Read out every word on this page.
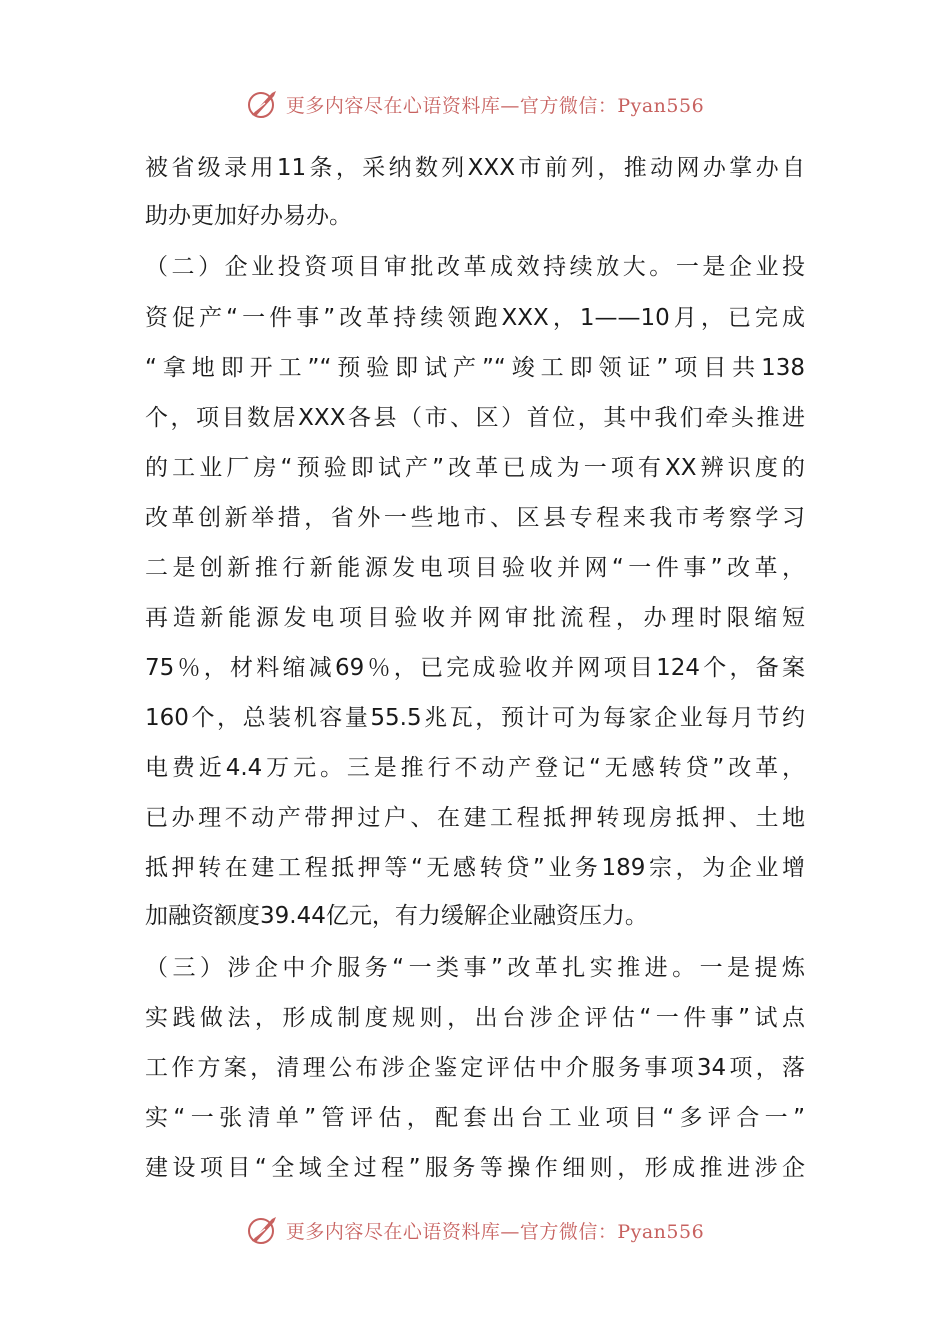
更多内容尽在心语资料库—官方微信：Pyan556
被省级录用11条，采纳数列XXX市前列，推动网办掌办自
助办更加好办易办。
（二）企业投资项目审批改革成效持续放大。一是企业投
资促产“一件事”改革持续领跑XXX，1——10月，已完成
“拿地即开工”“预验即试产”“竣工即领证”项目共138
个，项目数居XXX各县（市、区）首位，其中我们牵头推进
的工业厂房“预验即试产”改革已成为一项有XX辨识度的
改革创新举措，省外一些地市、区县专程来我市考察学习
二是创新推行新能源发电项目验收并网“一件事”改革，
再造新能源发电项目验收并网审批流程，办理时限缩短
75％，材料缩减69％，已完成验收并网项目124个，备案
160个，总装机容量55.5兆瓦，预计可为每家企业每月节约
电费近4.4万元。三是推行不动产登记“无感转贷”改革，
已办理不动产带押过户、在建工程抵押转现房抵押、土地
抵押转在建工程抵押等“无感转贷”业务189宗，为企业增
加融资额度39.44亿元，有力缓解企业融资压力。
（三）涉企中介服务“一类事”改革扎实推进。一是提炼
实践做法，形成制度规则，出台涉企评估“一件事”试点
工作方案，清理公布涉企鉴定评估中介服务事项34项，落
实“一张清单”管评估，配套出台工业项目“多评合一”
建设项目“全域全过程”服务等操作细则，形成推进涉企
更多内容尽在心语资料库—官方微信：Pyan556
